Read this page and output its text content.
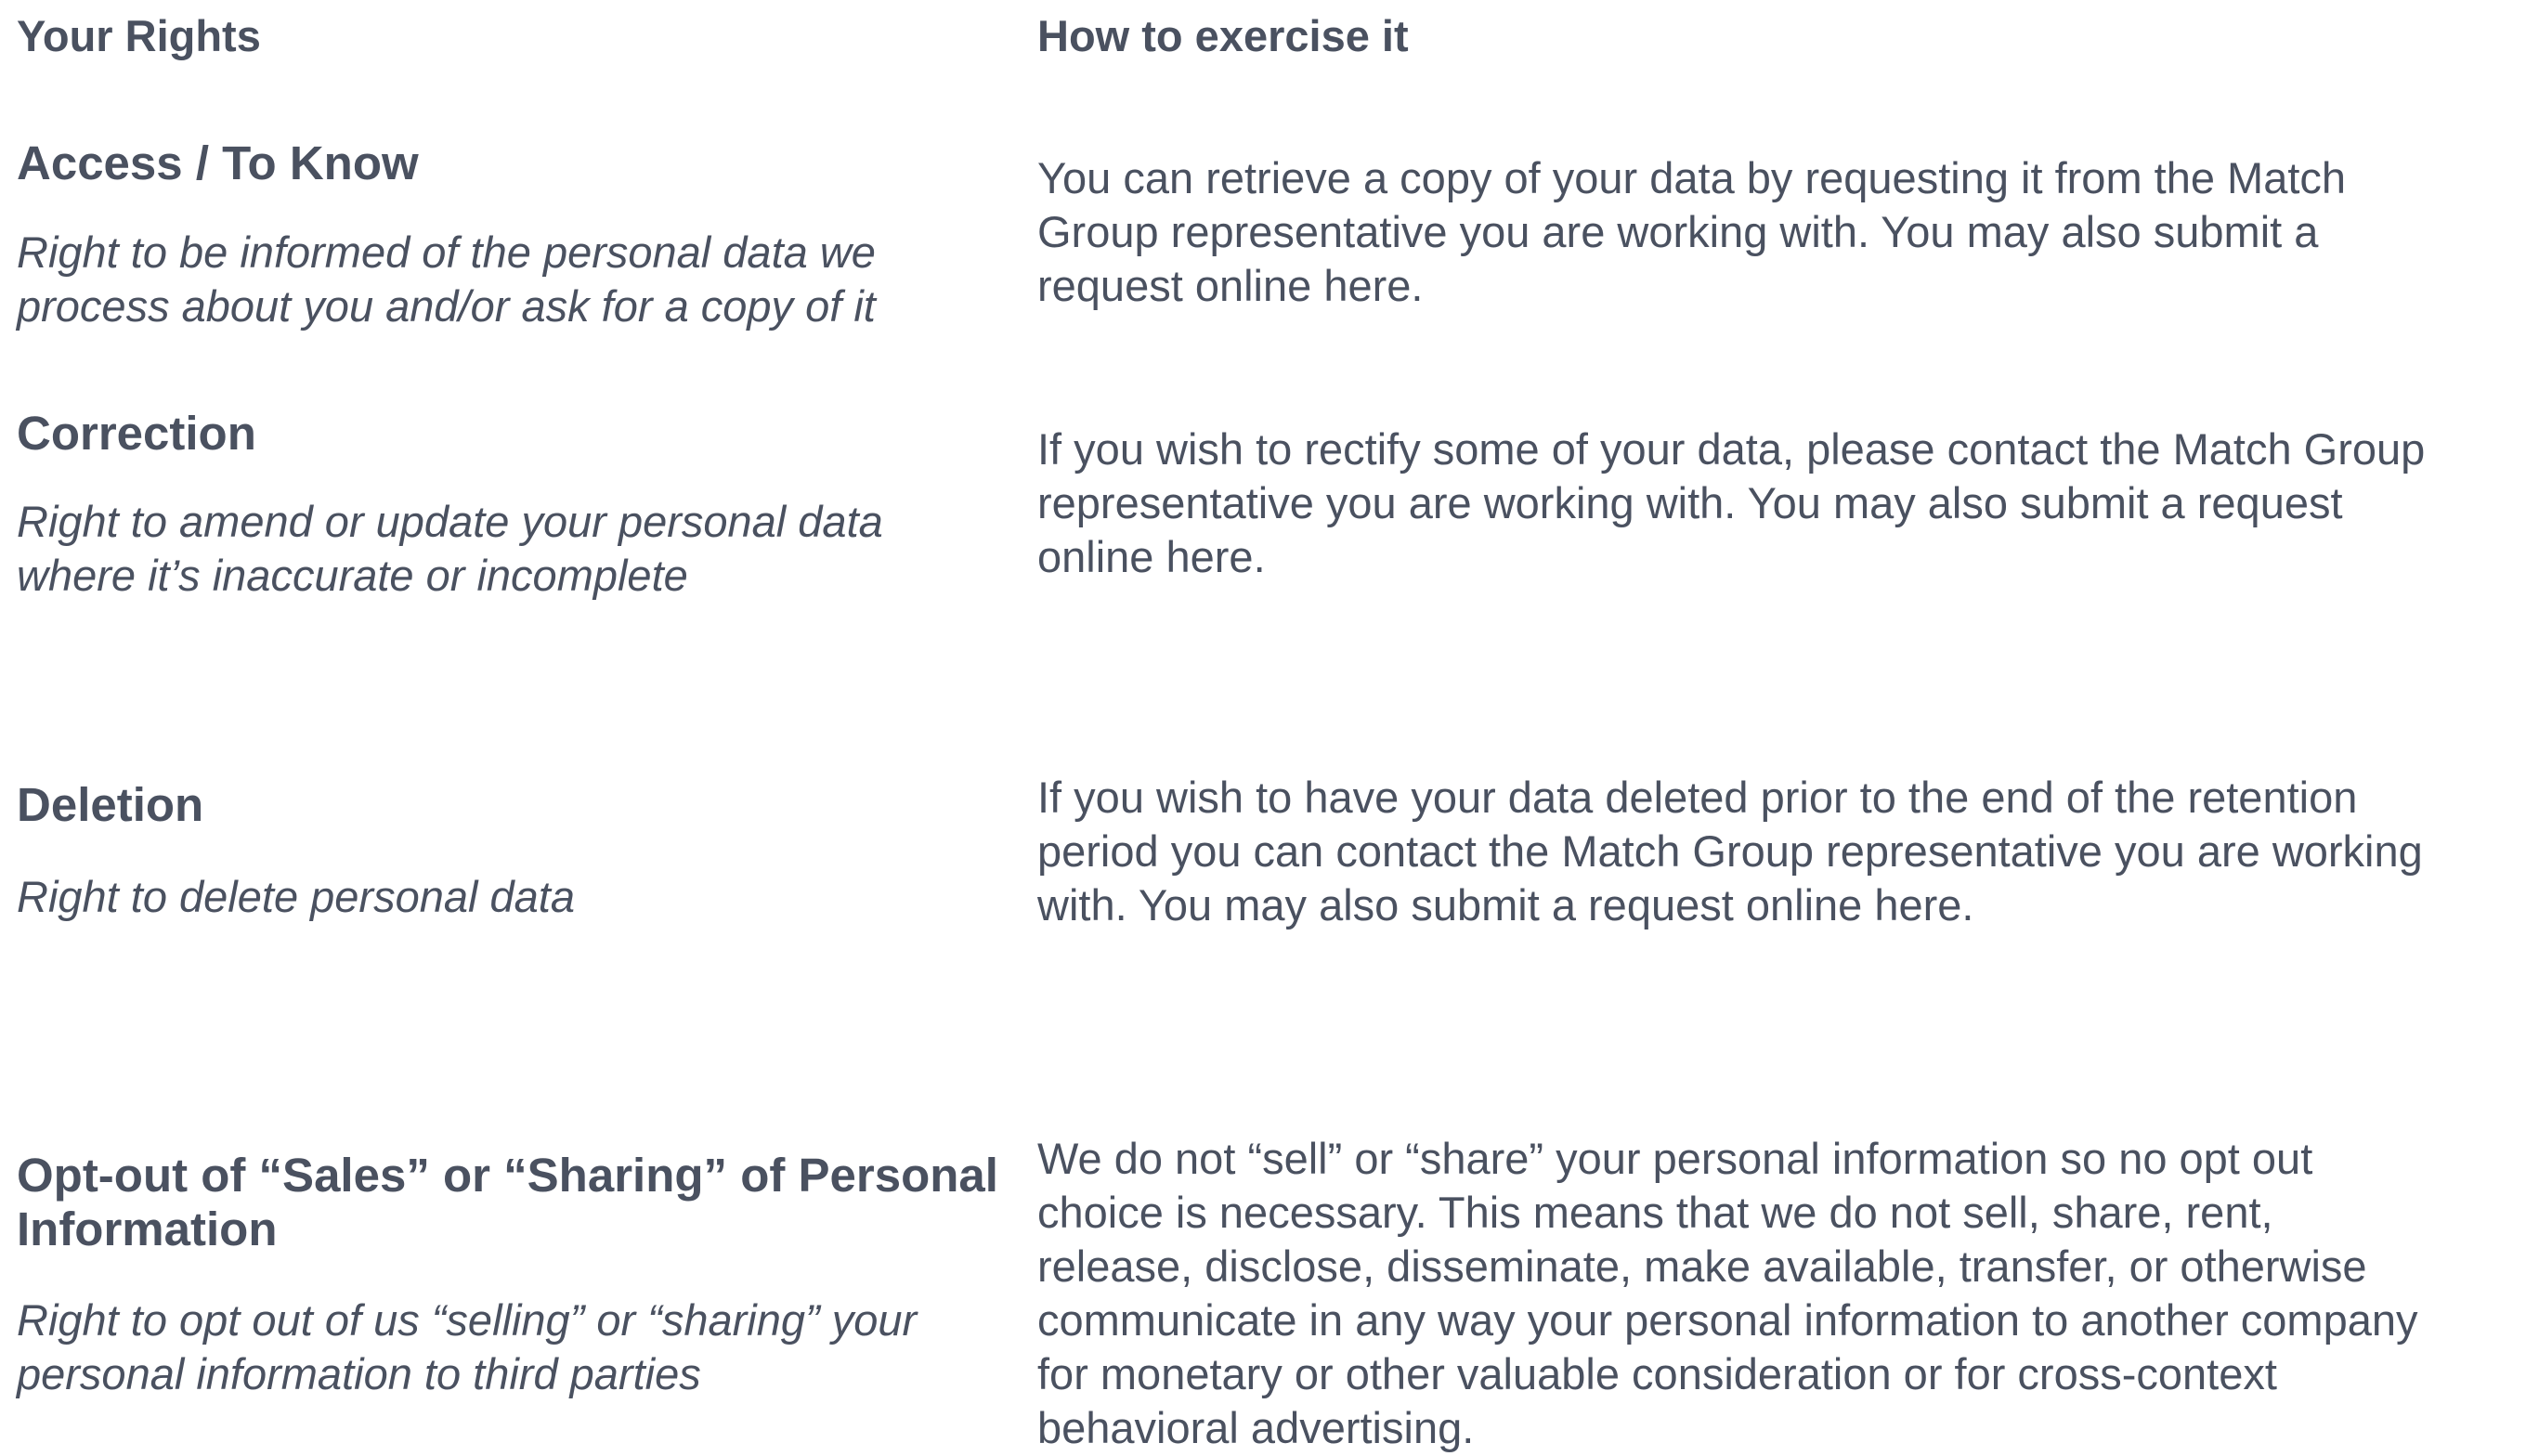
Your Rights	How to exercise it
Access / To Know
Right to be informed of the personal data we
process about you and/or ask for a copy of it
You can retrieve a copy of your data by requesting it from the Match
Group representative you are working with. You may also submit a
request online here.
Correction
Right to amend or update your personal data
where it’s inaccurate or incomplete
If you wish to rectify some of your data, please contact the Match Group
representative you are working with. You may also submit a request
online here.
Deletion
Right to delete personal data
If you wish to have your data deleted prior to the end of the retention
period you can contact the Match Group representative you are working
with. You may also submit a request online here.
Opt-out of “Sales” or “Sharing” of Personal
Information
Right to opt out of us “selling” or “sharing” your
personal information to third parties
We do not “sell” or “share” your personal information so no opt out
choice is necessary. This means that we do not sell, share, rent,
release, disclose, disseminate, make available, transfer, or otherwise
communicate in any way your personal information to another company
for monetary or other valuable consideration or for cross-context
behavioral advertising.
